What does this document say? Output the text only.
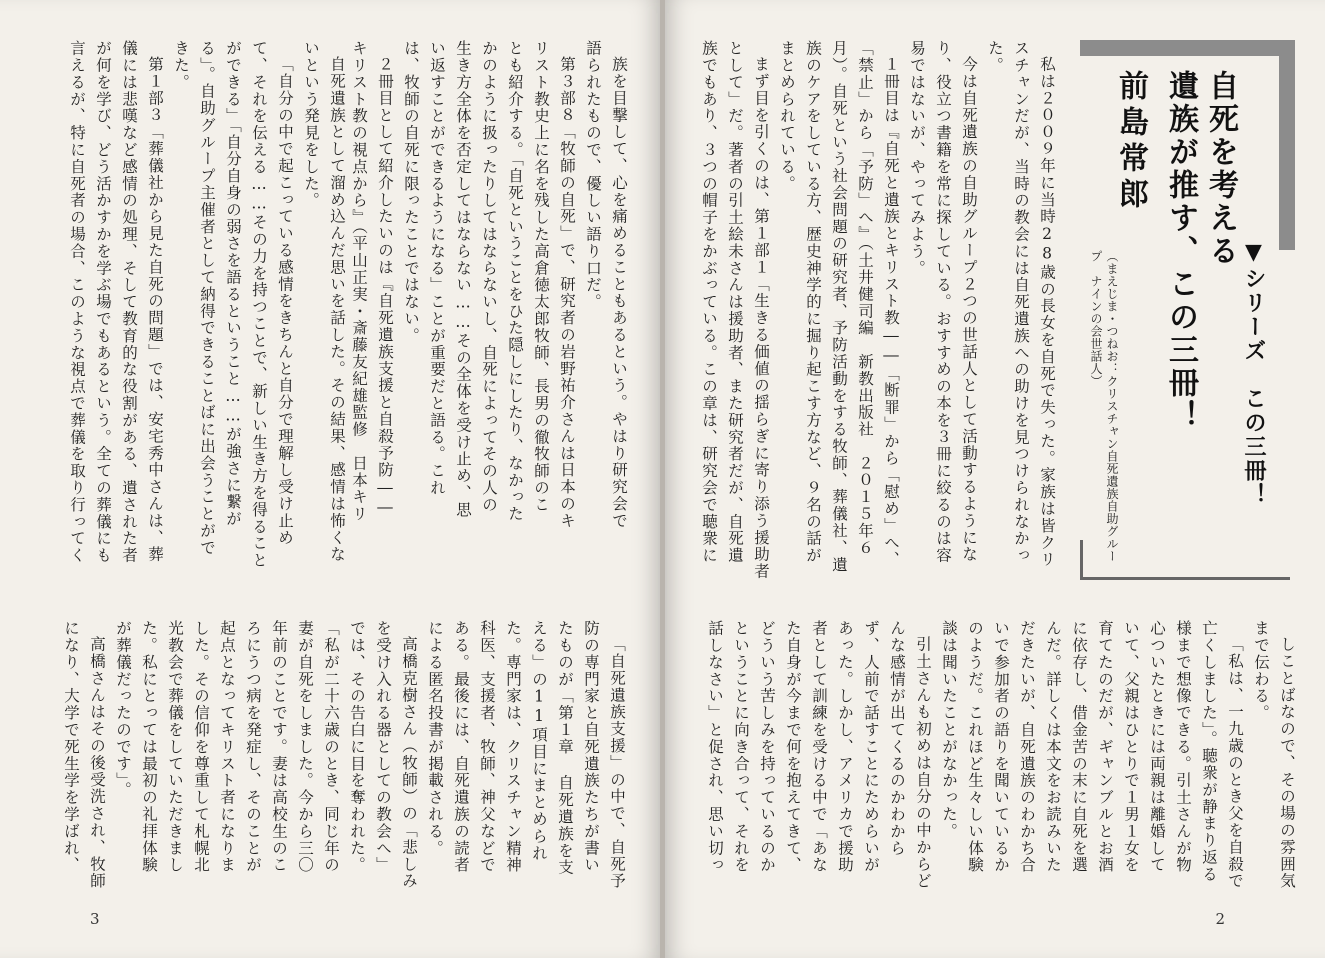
族を目撃して、心を痛めることもあるという。やはり研究会で語られたもので、優しい語り口だ。

第３部８「牧師の自死」で、研究者の岩野祐介さんは日本のキリスト教史上に名を残した高倉徳太郎牧師、長男の徹牧師のことも紹介する。「自死ということをひた隠しにしたり、なかったかのように扱ったりしてはならないし、自死によってその人の生き方全体を否定してはならない……その全体を受け止め、思い返すことができるようになる」ことが重要だと語る。これは、牧師の自死に限ったことではない。

２冊目として紹介したいのは『自死遺族支援と自殺予防――キリスト教の視点から』（平山正実・斎藤友紀雄監修　日本キリ　

自死遺族として溜め込んだ思いを話した。その結果、感情は怖くないという発見をした。

「自分の中で起こっている感情をきちんと自分で理解し受け止めて、それを伝える……その力を持つことで、新しい生き方を得ることができる」「自分自身の弱さを語るということ……が強さに繋がる」。自助グループ主催者として納得できることばに出会うことができた。

第１部３「葬儀社から見た自死の問題」では、安宅秀中さんは、葬儀には悲嘆など感情の処理、そして教育的な役割がある、遺された者が何を学び、どう活かすかを学ぶ場でもあるという。全ての葬儀にも言えるが、特に自死者の場合、このような視点で葬儀を取り行ってく

「自死遺族支援」の中で、自死予防の専門家と自死遺族たちが書いたものが「第１章 自死遺族を支える」の11項目にまとめられた。専門家は、クリスチャン精神科医、支援者、牧師、神父などである。最後には、自死遺族の読者による匿名投書が掲載される。

高橋克樹さん（牧師）の「悲しみを受け入れる器としての教会へ」では、その告白に目を奪われた。「私が二十六歳のとき、同じ年の妻が自死をしました。今から三〇年前のことです。妻は高校生のころにうつ病を発症し、そのことが起点となってキリスト者になりました。その信仰を尊重して札幌北光教会で葬儀をしていただきました。私にとっては最初の礼拝体験が葬儀だったのです」。

高橋さんはその後受洗され、牧師になり、大学で死生学を学ばれ、

3

私は２００９年に当時28歳の長女を自死で失った。家族は皆クリスチャンだが、当時の教会には自死遺族への助けを見つけられなかった。

今は自死遺族の自助グループ２つの世話人として活動するようになり、役立つ書籍を常に探している。おすすめの本を３冊に絞るのは容易ではないが、やってみよう。

１冊目は『自死と遺族とキリスト教――「断罪」から「慰め」へ、「禁止」から「予防」へ』（土井健司編　新教出版社　２０１５年６月）。自死という社会問題の研究者、予防活動をする牧師、葬儀社、遺族のケアをしている方、歴史神学的に掘り起こす方など、９名の話がまとめられている。

まず目を引くのは、第１部１「生きる価値の揺らぎに寄り添う援助者として」だ。著者の引土絵未さんは援助者、また研究者だが、自死遺族でもあり、３つの帽子をかぶっている。この章は、研究会で聴衆に

しことばなので、その場の雰囲気まで伝わる。

「私は、一九歳のとき父を自殺で亡くしました」。聴衆が静まり返る様まで想像できる。引土さんが物心ついたときには両親は離婚していて、父親はひとりで１男１女を育てたのだが、ギャンブルとお酒に依存し、借金苦の末に自死を選んだ。詳しくは本文をお読みいただきたいが、自死遺族のわかち合いで参加者の語りを聞いているかのようだ。これほど生々しい体験談は聞いたことがなかった。

引土さんも初めは自分の中からどんな感情が出てくるのかわからず、人前で話すことにためらいがあった。しかし、アメリカで援助者として訓練を受ける中で「あなた自身が今まで何を抱えてきて、どういう苦しみを持っているのかということに向き合って、それを話しなさい」と促され、思い切っ

2
▼シリーズ　この三冊！
自死を考える
遺族が推す、この三冊！
前島常郎
（まえじま・つねお：クリスチャン自死遺族自助グループ　ナインの会世話人）
